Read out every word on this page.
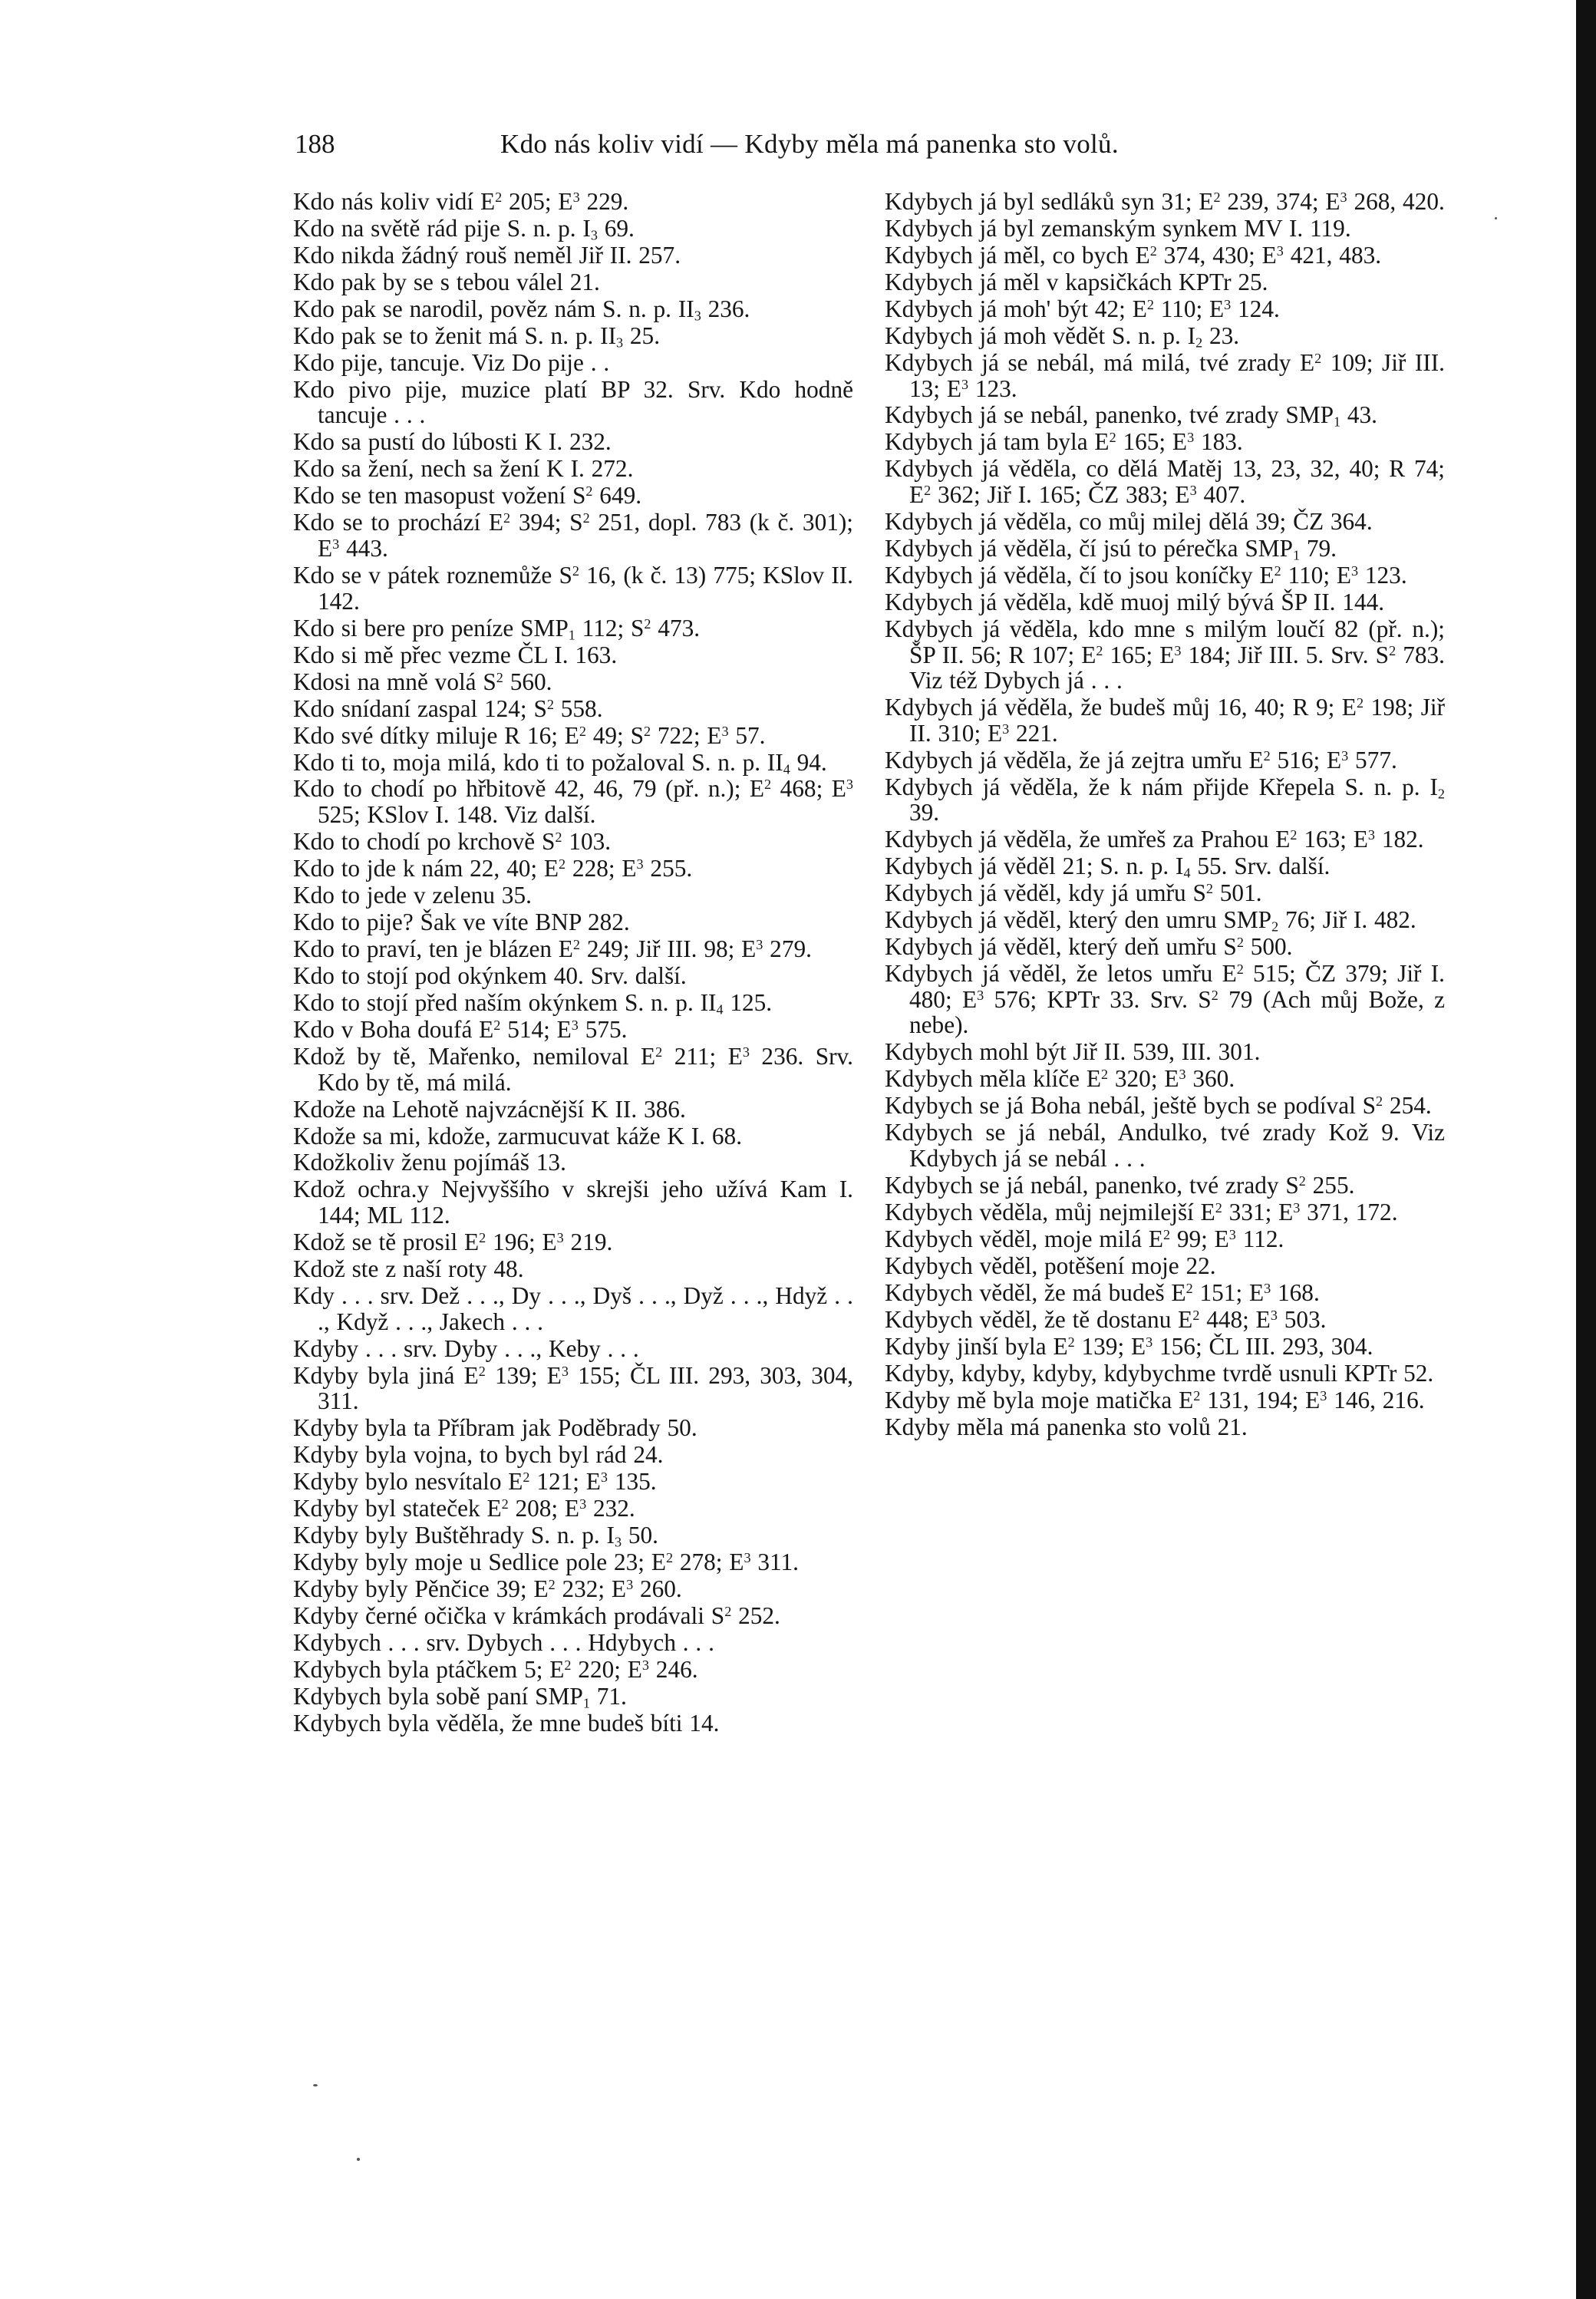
188	Kdo nás koliv vidí — Kdyby měla má panenka sto volů.
Kdo nás koliv vidí $E^2$ 205; $E^3$ 229.
Kdo na světě rád pije S. n. p. $I_3$ 69.
Kdo nikda žádný rouš neměl Jiř II. 257.
Kdo pak by se s tebou válel 21.
Kdo pak se narodil, pověz nám S. n. p. $II_3$ 236.
Kdo pak se to ženit má S. n. p. $II_3$ 25.
Kdo pije, tancuje. Viz Do pije . .
Kdo pivo pije, muzice platí BP 32. Srv. Kdo hodně tancuje . . .
Kdo sa pustí do lúbosti K I. 232.
Kdo sa žení, nech sa žení K I. 272.
Kdo se ten masopust vožení $S^2$ 649.
Kdo se to prochází $E^2$ 394; $S^2$ 251, dopl. 783 (k č. 301); $E^3$ 443.
Kdo se v pátek roznemůže $S^2$ 16, (k č. 13) 775; KSlov II. 142.
Kdo si bere pro peníze $SMP_1$ 112; $S^2$ 473.
Kdo si mě přec vezme ČL I. 163.
Kdosi na mně volá $S^2$ 560.
Kdo snídaní zaspal 124; $S^2$ 558.
Kdo své dítky miluje R 16; $E^2$ 49; $S^2$ 722; $E^3$ 57.
Kdo ti to, moja milá, kdo ti to požaloval S. n. p. $II_4$ 94.
Kdo to chodí po hřbitově 42, 46, 79 (př. n.); $E^2$ 468; $E^3$ 525; KSlov I. 148. Viz další.
Kdo to chodí po krchově $S^2$ 103.
Kdo to jde k nám 22, 40; $E^2$ 228; $E^3$ 255.
Kdo to jede v zelenu 35.
Kdo to pije? Šak ve víte BNP 282.
Kdo to praví, ten je blázen $E^2$ 249; Jiř III. 98; $E^3$ 279.
Kdo to stojí pod okýnkem 40. Srv. další.
Kdo to stojí před naším okýnkem S. n. p. $II_4$ 125.
Kdo v Boha doufá $E^2$ 514; $E^3$ 575.
Kdož by tě, Mařenko, nemiloval $E^2$ 211; $E^3$ 236. Srv. Kdo by tě, má milá.
Kdože na Lehotě najvzácnější K II. 386.
Kdože sa mi, kdože, zarmucuvat káže K I. 68.
Kdožkoliv ženu pojímáš 13.
Kdož ochra.y Nejvyššího v skrejši jeho užívá Kam I. 144; ML 112.
Kdož se tě prosil $E^2$ 196; $E^3$ 219.
Kdož ste z naší roty 48.
Kdy . . . srv. Dež . . ., Dy . . ., Dyš . . ., Dyž . . ., Hdyž . . ., Když . . ., Jakech . . .
Kdyby . . . srv. Dyby . . ., Keby . . .
Kdyby byla jiná $E^2$ 139; $E^3$ 155; ČL III. 293, 303, 304, 311.
Kdyby byla ta Příbram jak Poděbrady 50.
Kdyby byla vojna, to bych byl rád 24.
Kdyby bylo nesvítalo $E^2$ 121; $E^3$ 135.
Kdyby byl stateček $E^2$ 208; $E^3$ 232.
Kdyby byly Buštěhrady S. n. p. $I_3$ 50.
Kdyby byly moje u Sedlice pole 23; $E^2$ 278; $E^3$ 311.
Kdyby byly Pěnčice 39; $E^2$ 232; $E^3$ 260.
Kdyby černé očička v krámkách prodávali $S^2$ 252.
Kdybych . . . srv. Dybych . . . Hdybych . . .
Kdybych byla ptáčkem 5; $E^2$ 220; $E^3$ 246.
Kdybych byla sobě paní $SMP_1$ 71.
Kdybych byla věděla, že mne budeš bíti 14.
Kdybych já byl sedláků syn 31; $E^2$ 239, 374; $E^3$ 268, 420.
Kdybych já byl zemanským synkem MV I. 119.
Kdybych já měl, co bych $E^2$ 374, 430; $E^3$ 421, 483.
Kdybych já měl v kapsičkách KPTr 25.
Kdybych já moh' být 42; $E^2$ 110; $E^3$ 124.
Kdybych já moh vědět S. n. p. $I_2$ 23.
Kdybych já se nebál, má milá, tvé zrady $E^2$ 109; Jiř III. 13; $E^3$ 123.
Kdybych já se nebál, panenko, tvé zrady $SMP_1$ 43.
Kdybych já tam byla $E^2$ 165; $E^3$ 183.
Kdybych já věděla, co dělá Matěj 13, 23, 32, 40; R 74; $E^2$ 362; Jiř I. 165; ČZ 383; $E^3$ 407.
Kdybych já věděla, co můj milej dělá 39; ČZ 364.
Kdybych já věděla, čí jsú to pérečka $SMP_1$ 79.
Kdybych já věděla, čí to jsou koníčky $E^2$ 110; $E^3$ 123.
Kdybych já věděla, kdě muoj milý bývá ŠP II. 144.
Kdybych já věděla, kdo mne s milým loučí 82 (př. n.); ŠP II. 56; R 107; $E^2$ 165; $E^3$ 184; Jiř III. 5. Srv. $S^2$ 783. Viz též Dybych já . . .
Kdybych já věděla, že budeš můj 16, 40; R 9; $E^2$ 198; Jiř II. 310; $E^3$ 221.
Kdybych já věděla, že já zejtra umřu $E^2$ 516; $E^3$ 577.
Kdybych já věděla, že k nám přijde Křepela S. n. p. $I_2$ 39.
Kdybych já věděla, že umřeš za Prahou $E^2$ 163; $E^3$ 182.
Kdybych já věděl 21; S. n. p. $I_4$ 55. Srv. další.
Kdybych já věděl, kdy já umřu $S^2$ 501.
Kdybych já věděl, který den umru $SMP_2$ 76; Jiř I. 482.
Kdybych já věděl, který deň umřu $S^2$ 500.
Kdybych já věděl, že letos umřu $E^2$ 515; ČZ 379; Jiř I. 480; $E^3$ 576; KPTr 33. Srv. $S^2$ 79 (Ach můj Bože, z nebe).
Kdybych mohl být Jiř II. 539, III. 301.
Kdybych měla klíče $E^2$ 320; $E^3$ 360.
Kdybych se já Boha nebál, ještě bych se podíval $S^2$ 254.
Kdybych se já nebál, Andulko, tvé zrady Kož 9. Viz Kdybych já se nebál . . .
Kdybych se já nebál, panenko, tvé zrady $S^2$ 255.
Kdybych věděla, můj nejmilejší $E^2$ 331; $E^3$ 371, 172.
Kdybych věděl, moje milá $E^2$ 99; $E^3$ 112.
Kdybych věděl, potěšení moje 22.
Kdybych věděl, že má budeš $E^2$ 151; $E^3$ 168.
Kdybych věděl, že tě dostanu $E^2$ 448; $E^3$ 503.
Kdyby jinší byla $E^2$ 139; $E^3$ 156; ČL III. 293, 304.
Kdyby, kdyby, kdyby, kdybychme tvrdě usnuli KPTr 52.
Kdyby mě byla moje matička $E^2$ 131, 194; $E^3$ 146, 216.
Kdyby měla má panenka sto volů 21.
